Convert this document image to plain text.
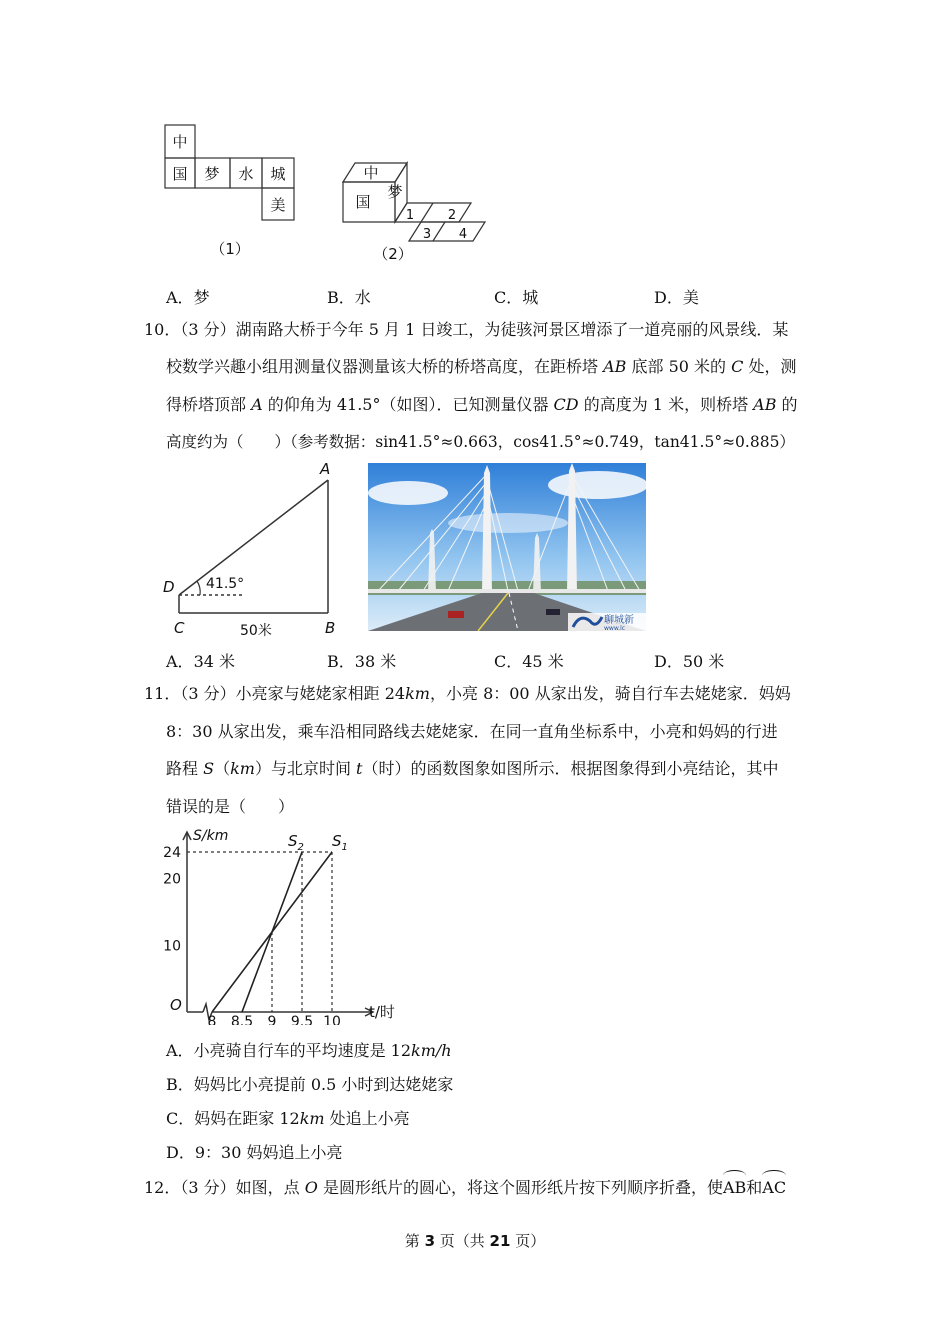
中
国 梦 水 城
美
（1）
中
国
梦
1	2
3 4
（2）
A．梦	B．水	C．城	D．美
10．（3 分）湖南路大桥于今年 5 月 1 日竣工，为徒骇河景区增添了一道亮丽的风景线．某
校数学兴趣小组用测量仪器测量该大桥的桥塔高度，在距桥塔 AB 底部 50 米的 C 处，测
得桥塔顶部 A 的仰角为 41.5°（如图）．已知测量仪器 CD 的高度为 1 米，则桥塔 AB 的
高度约为（　　）（参考数据：sin41.5°≈0.663，cos41.5°≈0.749，tan41.5°≈0.885）
A
D
C	B
41.5°
50米
聊城新
www.lc
A．34 米	B．38 米	C．45 米	D．50 米
11．（3 分）小亮家与姥姥家相距 24km，小亮 8：00 从家出发，骑自行车去姥姥家．妈妈
8：30 从家出发，乘车沿相同路线去姥姥家．在同一直角坐标系中，小亮和妈妈的行进
路程 S（km）与北京时间 t（时）的函数图象如图所示．根据图象得到小亮结论，其中
错误的是（　　）
$S_2$ $S_1$
8 8.5 9 9.5 10
10
20
24
S/km
t/时
O
A．小亮骑自行车的平均速度是 12km/h
B．妈妈比小亮提前 0.5 小时到达姥姥家
C．妈妈在距家 12km 处追上小亮
D．9：30 妈妈追上小亮
12．（3 分）如图，点 O 是圆形纸片的圆心，将这个圆形纸片按下列顺序折叠，使AB和AC
第 3 页（共 21 页）
